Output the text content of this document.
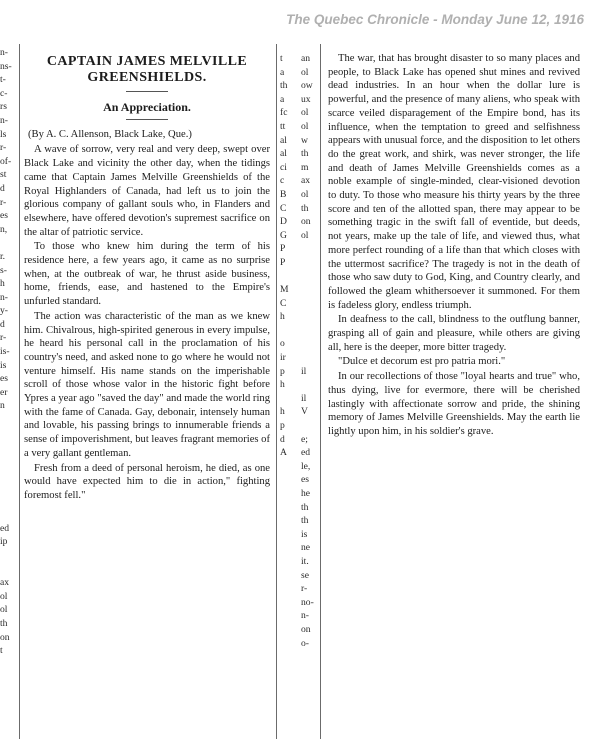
The Quebec Chronicle - Monday June 12, 1916
n-
ns-
t-
c-
rs
n-
ls
r-
of-
st
d
r-
es
n,

r.
s-
h
n-
y-
d
r-
is-
is
es
er
n

ed
ip

ax
ol
ol
th
on
t
CAPTAIN JAMES MELVILLE
GREENSHIELDS.
An Appreciation.

(By A. C. Allenson, Black Lake, Que.)

A wave of sorrow, very real and very deep, swept over Black Lake and vicinity the other day, when the tidings came that Captain James Melville Greenshields of the Royal Highlanders of Canada, had left us to join the glorious company of gallant souls who, in Flanders and elsewhere, have offered devotion's supremest sacrifice on the altar of patriotic service.

To those who knew him during the term of his residence here, a few years ago, it came as no surprise when, at the outbreak of war, he thrust aside business, home, friends, ease, and hastened to the Empire's unfurled standard.

The action was characteristic of the man as we knew him. Chivalrous, high-spirited generous in every impulse, he heard his personal call in the proclamation of his country's need, and asked none to go where he would not venture himself. His name stands on the imperishable scroll of those whose valor in the historic fight before Ypres a year ago "saved the day" and made the world ring with the fame of Canada. Gay, debonair, intensely human and lovable, his passing brings to innumerable friends a sense of impoverishment, but leaves fragrant memories of a very gallant gentleman.

Fresh from a deed of personal heroism, he died, as one would have expected him to die in action," fighting foremost fell."

t
a
th
a
fc
tt
al
al
ci
c
B
C
D
G
P
P

M
C
h

o
ir
p
h

h
p
d
A
an
ol
ow
ux
ol
ol
w
th
m
ax
ol
th
on
ol

il

il
V

e;
ed
le,
es
he
th
th
is
ne
it.
se
r-
no-
n-
on
o-

The war, that has brought disaster to so many places and people, to Black Lake has opened shut mines and revived dead industries. In an hour when the dollar lure is powerful, and the presence of many aliens, who speak with scarce veiled disparagement of the Empire bond, has its influence, when the temptation to greed and selfishness appears with unusual force, and the disposition to let others do the great work, and shirk, was never stronger, the life and death of James Melville Greenshields comes as a noble example of single-minded, clear-visioned devotion to duty. To those who measure his thirty years by the three score and ten of the allotted span, there may appear to be something tragic in the swift fall of eventide, but deeds, not years, make up the tale of life, and viewed thus, what more perfect rounding of a life than that which closes with the uttermost sacrifice? The tragedy is not in the death of those who saw duty to God, King, and Country clearly, and followed the gleam whithersoever it summoned. For them is fadeless glory, endless triumph.

In deafness to the call, blindness to the outflung banner, grasping all of gain and pleasure, while others are giving all, here is the deeper, more bitter tragedy.

"Dulce et decorum est pro patria mori."

In our recollections of those "loyal hearts and true" who, thus dying, live for evermore, there will be cherished lastingly with affectionate sorrow and pride, the shining memory of James Melville Greenshields. May the earth lie lightly upon him, in his soldier's grave.
